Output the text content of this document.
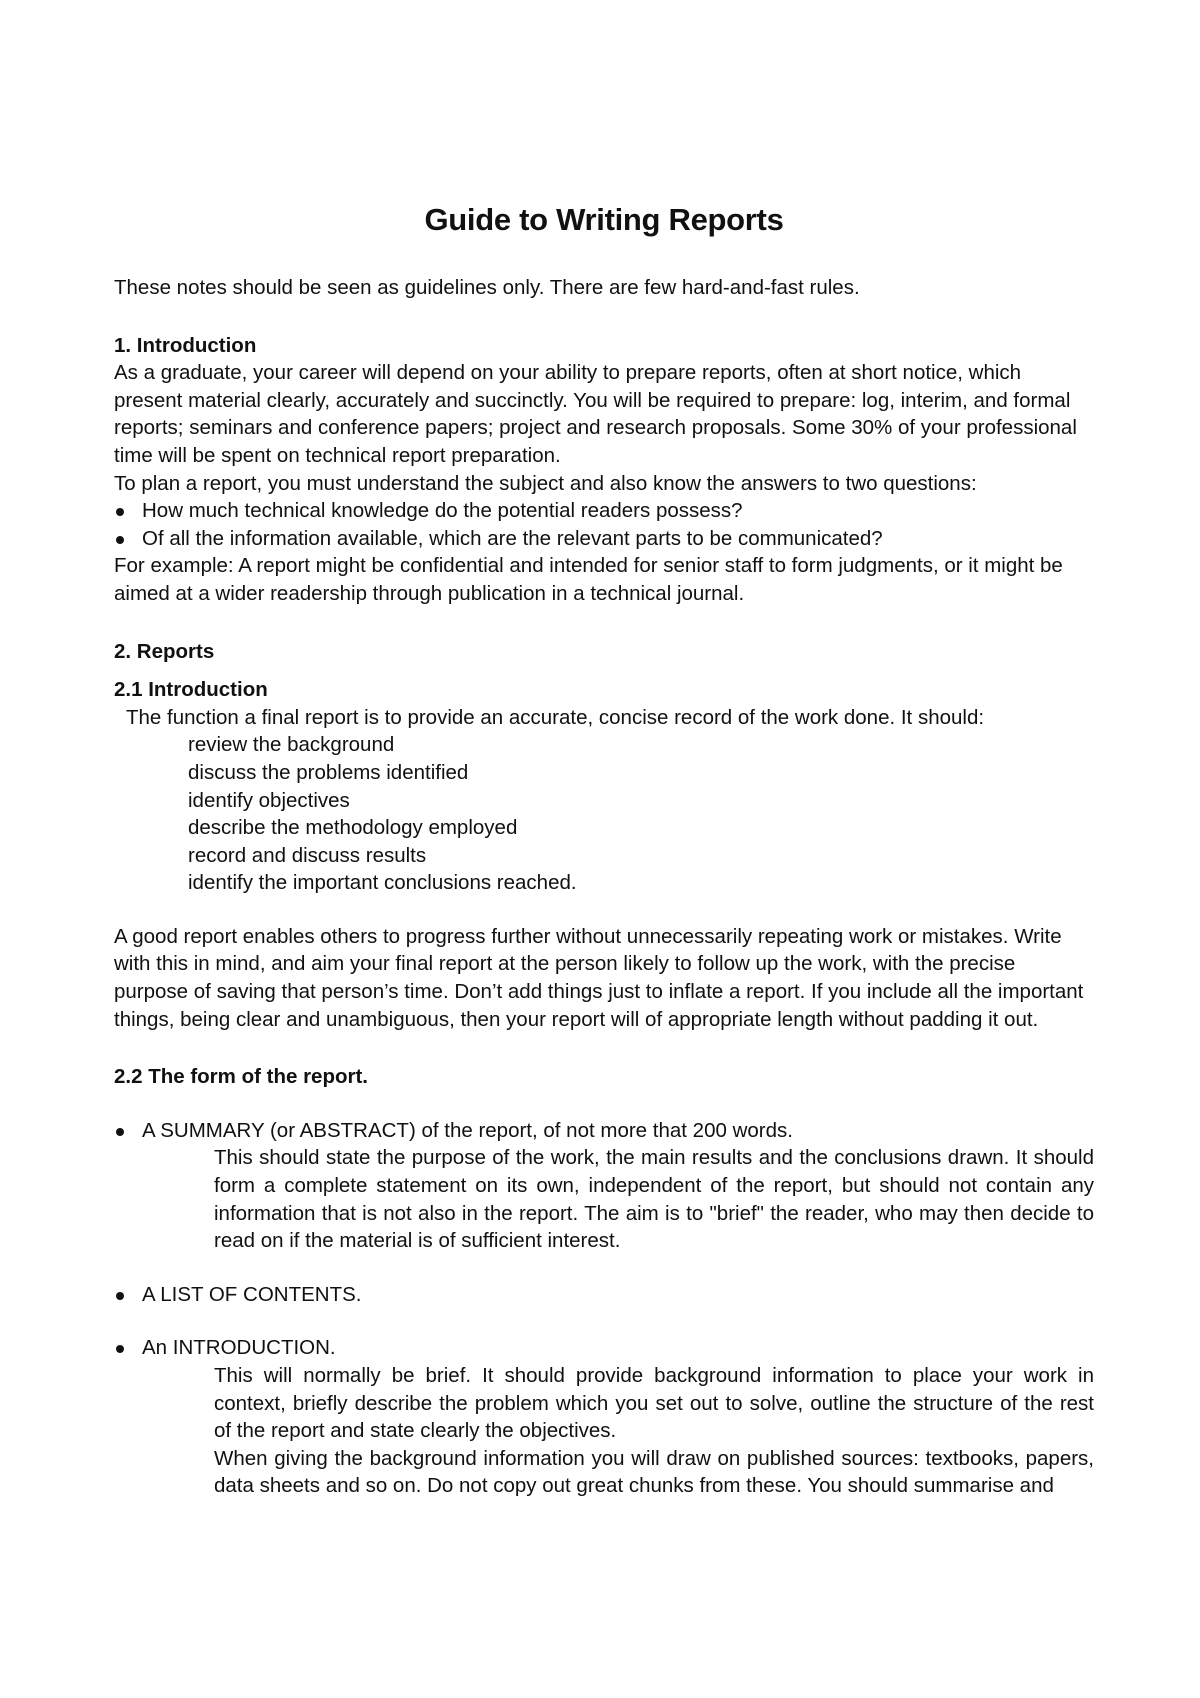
Guide to Writing Reports

These notes should be seen as guidelines only. There are few hard-and-fast rules.

1. Introduction

As a graduate, your career will depend on your ability to prepare reports, often at short notice, which present material clearly, accurately and succinctly. You will be required to prepare: log, interim, and formal reports; seminars and conference papers; project and research proposals. Some 30% of your professional time will be spent on technical report preparation.

To plan a report, you must understand the subject and also know the answers to two questions:

How much technical knowledge do the potential readers possess?
Of all the information available, which are the relevant parts to be communicated?

For example: A report might be confidential and intended for senior staff to form judgments, or it might be aimed at a wider readership through publication in a technical journal.

2. Reports
2.1 Introduction

The function a final report is to provide an accurate, concise record of the work done. It should:

review the background
discuss the problems identified
identify objectives
describe the methodology employed
record and discuss results
identify the important conclusions reached.

A good report enables others to progress further without unnecessarily repeating work or mistakes. Write with this in mind, and aim your final report at the person likely to follow up the work, with the precise purpose of saving that person’s time. Don’t add things just to inflate a report. If you include all the important things, being clear and unambiguous, then your report will of appropriate length without padding it out.

2.2 The form of the report.
A SUMMARY (or ABSTRACT) of the report, of not more that 200 words.

This should state the purpose of the work, the main results and the conclusions drawn. It should form a complete statement on its own, independent of the report, but should not contain any information that is not also in the report. The aim is to "brief" the reader, who may then decide to read on if the material is of sufficient interest.

A LIST OF CONTENTS.
An INTRODUCTION.

This will normally be brief. It should provide background information to place your work in context, briefly describe the problem which you set out to solve, outline the structure of the rest of the report and state clearly the objectives.

When giving the background information you will draw on published sources: textbooks, papers, data sheets and so on. Do not copy out great chunks from these. You should summarise and
